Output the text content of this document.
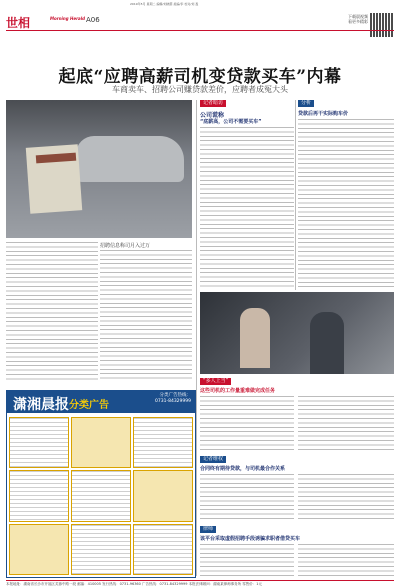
2019年5月 星期二 编辑/刘晓霞 美编/李 校对/刘 盈
世相	Morning Herald A06	下载晨视频
看更多精彩
起底“应聘高薪司机变贷款买车”内幕
车商卖车、招聘公司赚贷款差价，应聘者成冤大头
招聘信息称司月入过万
记者暗访
公司谎称
“底薪高，公司不需要买车”
分析
贷款后再干实际购车价
“多人上当”
这些司机的工作量重难做完成任务
记者维权
合同终有期待贷款，与司机最合作关系
律师
该平台采取虚假招聘手段诱骗求职者借贷买车
潇湘晨报 分类广告
分类广告热线：
0731-84329999
本报地址：湖南省长沙市开福区芙蓉中路一段 邮编：410005 发行热线：0731-96360 广告热线：0731-84329999 本报法律顾问：湖南某律师事务所 零售价：1元
